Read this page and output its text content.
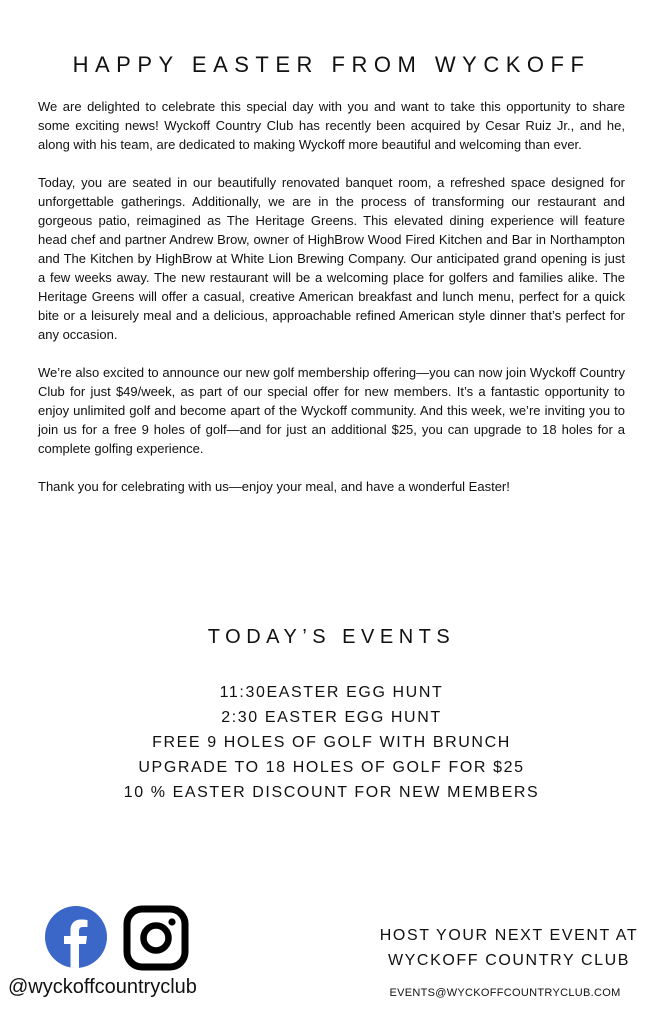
HAPPY EASTER FROM WYCKOFF

We are delighted to celebrate this special day with you and want to take this opportunity to share some exciting news! Wyckoff Country Club has recently been acquired by Cesar Ruiz Jr., and he, along with his team, are dedicated to making Wyckoff more beautiful and welcoming than ever.

Today, you are seated in our beautifully renovated banquet room, a refreshed space designed for unforgettable gatherings. Additionally, we are in the process of transforming our restaurant and gorgeous patio, reimagined as The Heritage Greens. This elevated dining experience will feature head chef and partner Andrew Brow, owner of HighBrow Wood Fired Kitchen and Bar in Northampton and The Kitchen by HighBrow at White Lion Brewing Company. Our anticipated grand opening is just a few weeks away. The new restaurant will be a welcoming place for golfers and families alike. The Heritage Greens will offer a casual, creative American breakfast and lunch menu, perfect for a quick bite or a leisurely meal and a delicious, approachable refined American style dinner that’s perfect for any occasion.

We’re also excited to announce our new golf membership offering—you can now join Wyckoff Country Club for just $49/week, as part of our special offer for new members. It’s a fantastic opportunity to enjoy unlimited golf and become apart of the Wyckoff community. And this week, we’re inviting you to join us for a free 9 holes of golf—and for just an additional $25, you can upgrade to 18 holes for a complete golfing experience.

Thank you for celebrating with us—enjoy your meal, and have a wonderful Easter!

TODAY’S EVENTS
11:30EASTER EGG HUNT
2:30 EASTER EGG HUNT
FREE 9 HOLES OF GOLF WITH BRUNCH
UPGRADE TO 18 HOLES OF GOLF FOR $25
10 % EASTER DISCOUNT FOR NEW MEMBERS
@wyckoffcountryclub
HOST YOUR NEXT EVENT AT
WYCKOFF COUNTRY CLUB
EVENTS@WYCKOFFCOUNTRYCLUB.COM
